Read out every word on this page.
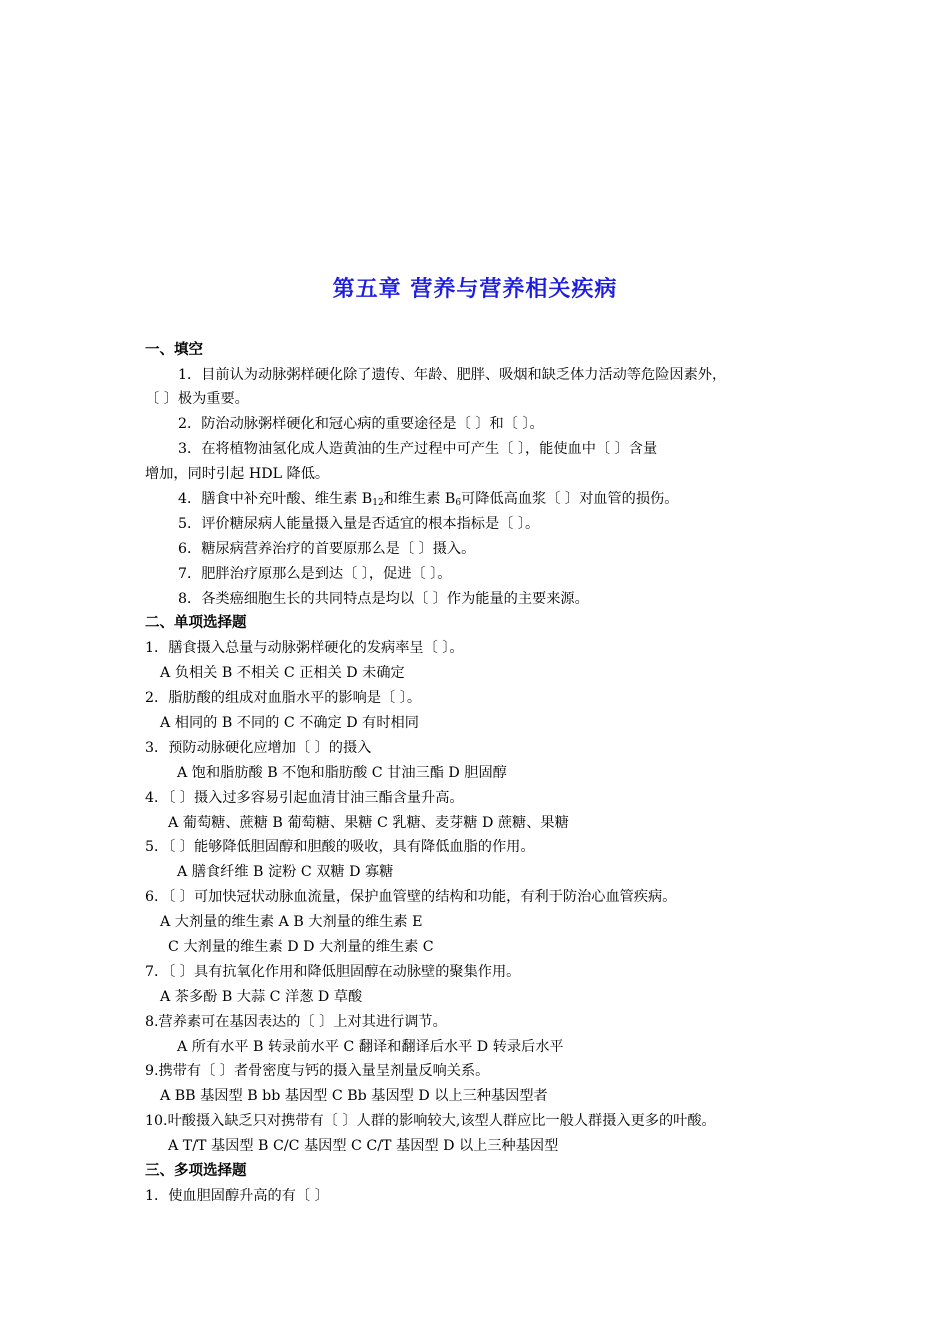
第五章 营养与营养相关疾病
一、填空
1．目前认为动脉粥样硬化除了遗传、年龄、肥胖、吸烟和缺乏体力活动等危险因素外，
〔 〕极为重要。
2．防治动脉粥样硬化和冠心病的重要途径是〔 〕和〔 〕。
3．在将植物油氢化成人造黄油的生产过程中可产生〔 〕，能使血中〔 〕含量
增加，同时引起 HDL 降低。
4．膳食中补充叶酸、维生素 $B_{12}$和维生素 $B_6$可降低高血浆〔 〕对血管的损伤。
5．评价糖尿病人能量摄入量是否适宜的根本指标是〔 〕。
6．糖尿病营养治疗的首要原那么是〔 〕摄入。
7．肥胖治疗原那么是到达〔 〕，促进〔 〕。
8．各类癌细胞生长的共同特点是均以〔 〕作为能量的主要来源。
二、单项选择题
1．膳食摄入总量与动脉粥样硬化的发病率呈〔 〕。
A 负相关 B 不相关 C 正相关 D 未确定
2．脂肪酸的组成对血脂水平的影响是〔 〕。
A 相同的 B 不同的 C 不确定 D 有时相同
3．预防动脉硬化应增加〔 〕的摄入
A 饱和脂肪酸 B 不饱和脂肪酸 C 甘油三酯 D 胆固醇
4．〔 〕摄入过多容易引起血清甘油三酯含量升高。
A 葡萄糖、蔗糖 B 葡萄糖、果糖 C 乳糖、麦芽糖 D 蔗糖、果糖
5．〔 〕能够降低胆固醇和胆酸的吸收，具有降低血脂的作用。
A 膳食纤维 B 淀粉 C 双糖 D 寡糖
6．〔 〕可加快冠状动脉血流量，保护血管壁的结构和功能，有利于防治心血管疾病。
A 大剂量的维生素 A B 大剂量的维生素 E
C 大剂量的维生素 D D 大剂量的维生素 C
7．〔 〕具有抗氧化作用和降低胆固醇在动脉壁的聚集作用。
A 茶多酚 B 大蒜 C 洋葱 D 草酸
8.营养素可在基因表达的〔 〕上对其进行调节。
A 所有水平 B 转录前水平 C 翻译和翻译后水平 D 转录后水平
9.携带有〔 〕者骨密度与钙的摄入量呈剂量反响关系。
A BB 基因型 B bb 基因型 C Bb 基因型 D 以上三种基因型者
10.叶酸摄入缺乏只对携带有〔 〕人群的影响较大,该型人群应比一般人群摄入更多的叶酸。
A T/T 基因型 B C/C 基因型 C C/T 基因型 D 以上三种基因型
三、多项选择题
1．使血胆固醇升高的有〔 〕
